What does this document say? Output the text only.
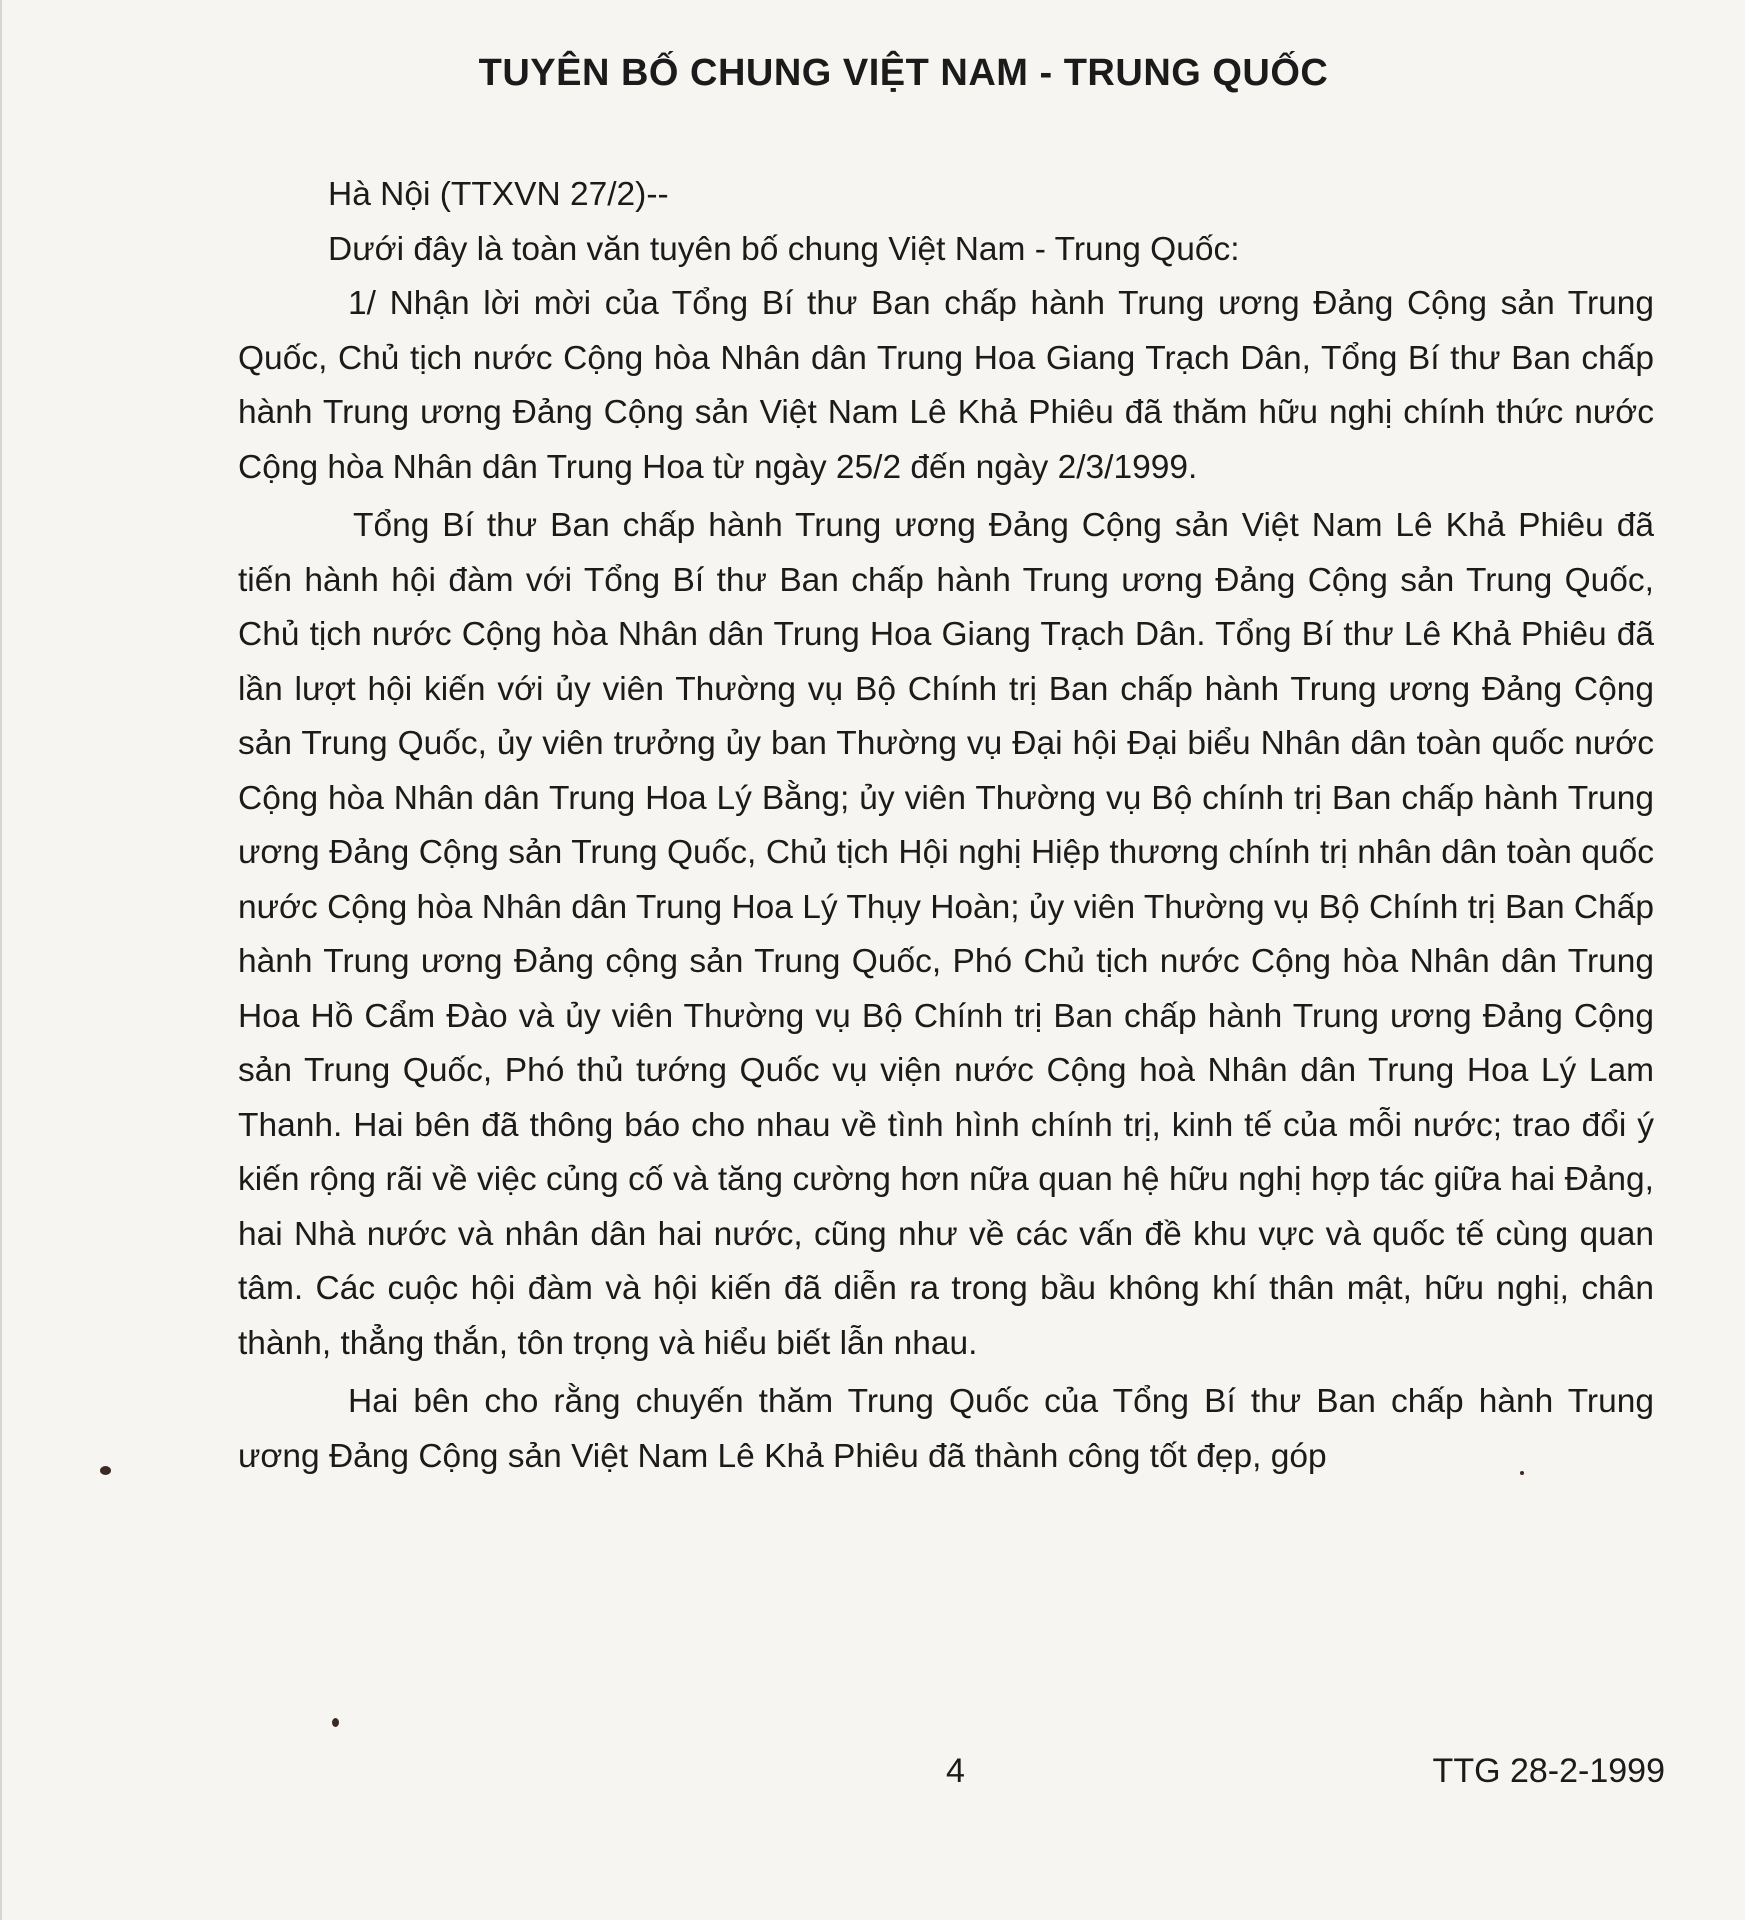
TUYÊN BỐ CHUNG VIỆT NAM - TRUNG QUỐC

Hà Nội (TTXVN 27/2)--

Dưới đây là toàn văn tuyên bố chung Việt Nam - Trung Quốc:

1/ Nhận lời mời của Tổng Bí thư Ban chấp hành Trung ương Đảng Cộng sản Trung Quốc, Chủ tịch nước Cộng hòa Nhân dân Trung Hoa Giang Trạch Dân, Tổng Bí thư Ban chấp hành Trung ương Đảng Cộng sản Việt Nam Lê Khả Phiêu đã thăm hữu nghị chính thức nước Cộng hòa Nhân dân Trung Hoa từ ngày 25/2 đến ngày 2/3/1999.

Tổng Bí thư Ban chấp hành Trung ương Đảng Cộng sản Việt Nam Lê Khả Phiêu đã tiến hành hội đàm với Tổng Bí thư Ban chấp hành Trung ương Đảng Cộng sản Trung Quốc, Chủ tịch nước Cộng hòa Nhân dân Trung Hoa Giang Trạch Dân. Tổng Bí thư Lê Khả Phiêu đã lần lượt hội kiến với ủy viên Thường vụ Bộ Chính trị Ban chấp hành Trung ương Đảng Cộng sản Trung Quốc, ủy viên trưởng ủy ban Thường vụ Đại hội Đại biểu Nhân dân toàn quốc nước Cộng hòa Nhân dân Trung Hoa Lý Bằng; ủy viên Thường vụ Bộ chính trị Ban chấp hành Trung ương Đảng Cộng sản Trung Quốc, Chủ tịch Hội nghị Hiệp thương chính trị nhân dân toàn quốc nước Cộng hòa Nhân dân Trung Hoa Lý Thụy Hoàn; ủy viên Thường vụ Bộ Chính trị Ban Chấp hành Trung ương Đảng cộng sản Trung Quốc, Phó Chủ tịch nước Cộng hòa Nhân dân Trung Hoa Hồ Cẩm Đào và ủy viên Thường vụ Bộ Chính trị Ban chấp hành Trung ương Đảng Cộng sản Trung Quốc, Phó thủ tướng Quốc vụ viện nước Cộng hoà Nhân dân Trung Hoa Lý Lam Thanh. Hai bên đã thông báo cho nhau về tình hình chính trị, kinh tế của mỗi nước; trao đổi ý kiến rộng rãi về việc củng cố và tăng cường hơn nữa quan hệ hữu nghị hợp tác giữa hai Đảng, hai Nhà nước và nhân dân hai nước, cũng như về các vấn đề khu vực và quốc tế cùng quan tâm. Các cuộc hội đàm và hội kiến đã diễn ra trong bầu không khí thân mật, hữu nghị, chân thành, thẳng thắn, tôn trọng và hiểu biết lẫn nhau.

Hai bên cho rằng chuyến thăm Trung Quốc của Tổng Bí thư Ban chấp hành Trung ương Đảng Cộng sản Việt Nam Lê Khả Phiêu đã thành công tốt đẹp, góp

4	TTG 28-2-1999
